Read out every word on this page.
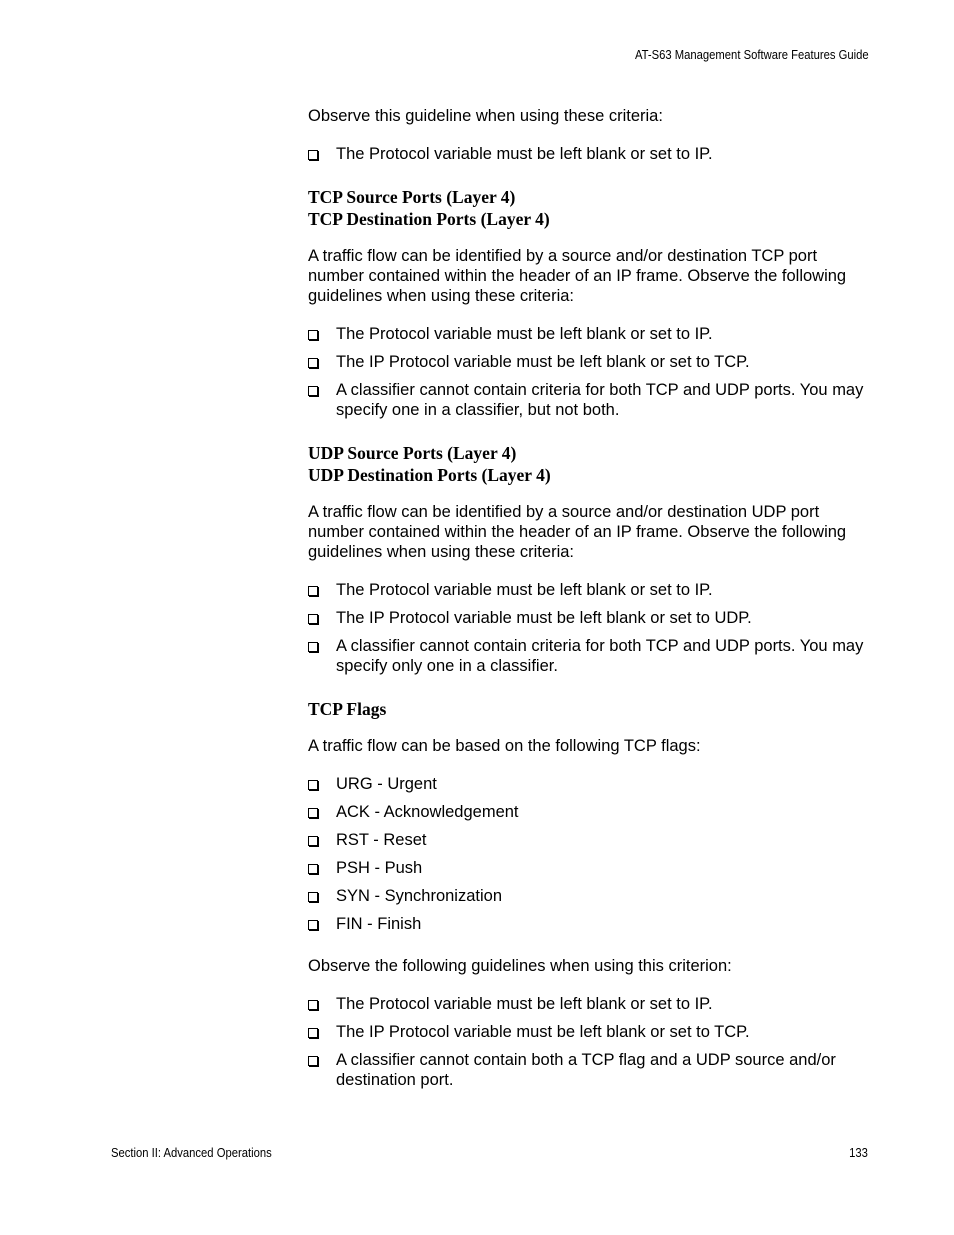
AT-S63 Management Software Features Guide

Observe this guideline when using these criteria:

The Protocol variable must be left blank or set to IP.
TCP Source Ports (Layer 4)
TCP Destination Ports (Layer 4)

A traffic flow can be identified by a source and/or destination TCP port number contained within the header of an IP frame. Observe the following guidelines when using these criteria:

The Protocol variable must be left blank or set to IP.
The IP Protocol variable must be left blank or set to TCP.
A classifier cannot contain criteria for both TCP and UDP ports. You may specify one in a classifier, but not both.
UDP Source Ports (Layer 4)
UDP Destination Ports (Layer 4)

A traffic flow can be identified by a source and/or destination UDP port number contained within the header of an IP frame. Observe the following guidelines when using these criteria:

The Protocol variable must be left blank or set to IP.
The IP Protocol variable must be left blank or set to UDP.
A classifier cannot contain criteria for both TCP and UDP ports. You may specify only one in a classifier.
TCP Flags

A traffic flow can be based on the following TCP flags:

URG - Urgent
ACK - Acknowledgement
RST - Reset
PSH - Push
SYN - Synchronization
FIN - Finish

Observe the following guidelines when using this criterion:

The Protocol variable must be left blank or set to IP.
The IP Protocol variable must be left blank or set to TCP.
A classifier cannot contain both a TCP flag and a UDP source and/or destination port.
Section II: Advanced Operations	133
